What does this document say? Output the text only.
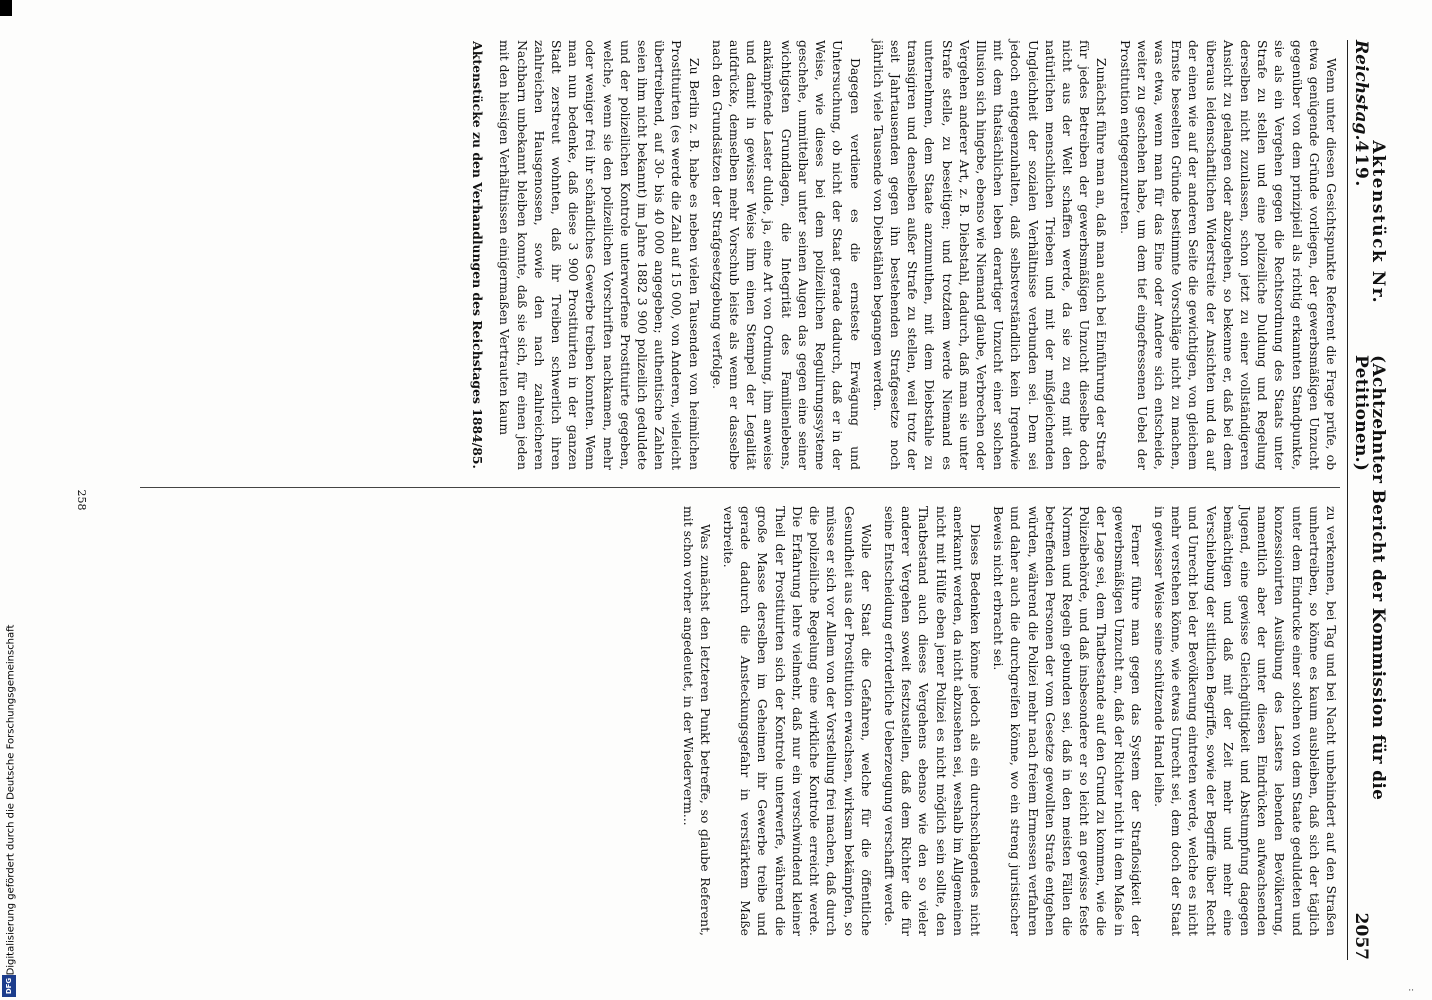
··
Digitalisierung gefördert durch die Deutsche Forschungsgemeinschaft
DFG
Reichstag.
Aktenstück Nr. 419.
(Achtzehnter Bericht der Kommission für die Petitionen.)
2057

Wenn unter diesen Gesichtspunkte Referent die Frage prüfe, ob etwa genügende Gründe vorliegen, der gewerbsmäßigen Unzucht gegenüber von dem prinzipiell als richtig erkannten Standpunkte, sie als ein Vergehen gegen die Rechtsordnung des Staats unter Strafe zu stellen und eine polizeiliche Duldung und Regelung derselben nicht zuzulassen, schon jetzt zu einer vollständigeren Ansicht zu gelangen oder abzugehen, so bekenne er, daß bei dem überaus leidenschaftlichen Widerstreite der Ansichten und da auf der einen wie auf der anderen Seite die gewichtigen, von gleichem Ernste beseelten Gründe bestimmte Vorschläge nicht zu machen, was etwa, wenn man für das Eine oder Andere sich entscheide, weiter zu geschehen habe, um dem tief eingefressenen Uebel der Prostitution entgegenzutreten.

Zunächst führe man an, daß man auch bei Einführung der Strafe für jedes Betreiben der gewerbsmäßigen Unzucht dieselbe doch nicht aus der Welt schaffen werde, da sie zu eng mit den natürlichen menschlichen Trieben und mit der mißgleichenden Ungleichheit der sozialen Verhältnisse verbunden sei. Dem sei jedoch entgegenzuhalten, daß selbstverständlich kein Irgendwie mit dem thatsächlichen leben derartiger Unzucht einer solchen Illusion sich hingebe, ebenso wie Niemand glaube, Verbrechen oder Vergehen anderer Art, z. B. Diebstahl, dadurch, daß man sie unter Strafe stelle, zu beseitigen; und trotzdem werde Niemand es unternehmen, dem Staate anzumuthen, mit dem Diebstahle zu transigiren und denselben außer Strafe zu stellen, weil trotz der seit Jahrtausenden gegen ihn bestehenden Strafgesetze noch jährlich viele Tausende von Diebstählen begangen werden.

Dagegen verdiene es die ernsteste Erwägung und Untersuchung, ob nicht der Staat gerade dadurch, daß er in der Weise, wie dieses bei dem polizeilichen Regulirungssysteme geschehe, unmittelbar unter seinen Augen das gegen eine seiner wichtigsten Grundlagen, die Integrität des Familienlebens, ankämpfende Laster dulde, ja, eine Art von Ordnung, ihm anweise und damit in gewisser Weise ihm einen Stempel der Legalität aufdrücke, demselben mehr Vorschub leiste als wenn er dasselbe nach den Grundsätzen der Strafgesetzgebung verfolge.

Zu Berlin z. B. habe es neben vielen Tausenden von heimlichen Prostituirten (es werde die Zahl auf 15 000, von Anderen, vielleicht übertreibend, auf 30- bis 40 000 angegeben; authentische Zahlen seien ihm nicht bekannt) im Jahre 1882 3 900 polizeilich geduldete und der polizeilichen Kontrole unterworfene Prostituirte gegeben, welche, wenn sie den polizeilichen Vorschriften nachkamen, mehr oder weniger frei ihr schändliches Gewerbe treiben konnten. Wenn man nun bedenke, daß diese 3 900 Prostituirten in der ganzen Stadt zerstreut wohnten, daß ihr Treiben schwerlich ihren zahlreichen Hausgenossen, sowie den nach zahlreicheren Nachbarn unbekannt bleiben konnte, daß sie sich, für einen jeden mit den hiesigen Verhältnissen einigermaßen Vertrauten kaum

Aktenstücke zu den Verhandlungen des Reichstages 1884/85.

zu verkennen, bei Tag und bei Nacht unbehindert auf den Straßen umhertreiben, so könne es kaum ausbleiben, daß sich der täglich unter dem Eindrucke einer solchen von dem Staate geduldeten und konzessionirten Ausübung des Lasters lebenden Bevölkerung, namentlich aber der unter diesen Eindrücken aufwachsenden Jugend, eine gewisse Gleichgültigkeit und Abstumpfung dagegen bemächtigen und daß mit der Zeit mehr und mehr eine Verschiebung der sittlichen Begriffe, sowie der Begriffe über Recht und Unrecht bei der Bevölkerung eintreten werde, welche es nicht mehr verstehen könne, wie etwas Unrecht sei, dem doch der Staat in gewisser Weise seine schützende Hand leihe.

Ferner führe man gegen das System der Straflosigkeit der gewerbsmäßigen Unzucht an, daß der Richter nicht in dem Maße in der Lage sei, dem Thatbestande auf den Grund zu kommen, wie die Polizeibehörde, und daß insbesondere er so leicht an gewisse feste Normen und Regeln gebunden sei, daß in den meisten Fällen die betreffenden Personen der vom Gesetze gewollten Strafe entgehen würden, während die Polizei mehr nach freiem Ermessen verfahren und daher auch die durchgreifen könne, wo ein streng juristischer Beweis nicht erbracht sei.

Dieses Bedenken könne jedoch als ein durchschlagendes nicht anerkannt werden, da nicht abzusehen sei, weshalb im Allgemeinen nicht mit Hülfe eben jener Polizei es nicht möglich sein sollte, den Thatbestand auch dieses Vergehens ebenso wie den so vieler anderer Vergehen soweit festzustellen, daß dem Richter die für seine Entscheidung erforderliche Ueberzeugung verschafft werde.

Wolle der Staat die Gefahren, welche für die öffentliche Gesundheit aus der Prostitution erwachsen, wirksam bekämpfen, so müsse er sich vor Allem von der Vorstellung frei machen, daß durch die polizeiliche Regelung eine wirkliche Kontrole erreicht werde. Die Erfahrung lehre vielmehr, daß nur ein verschwindend kleiner Theil der Prostituirten sich der Kontrole unterwerfe, während die große Masse derselben im Geheimen ihr Gewerbe treibe und gerade dadurch die Ansteckungsgefahr in verstärktem Maße verbreite.

Was zunächst den letzteren Punkt betreffe, so glaube Referent, mit schon vorher angedeutet, in der Wiederverm...

258
